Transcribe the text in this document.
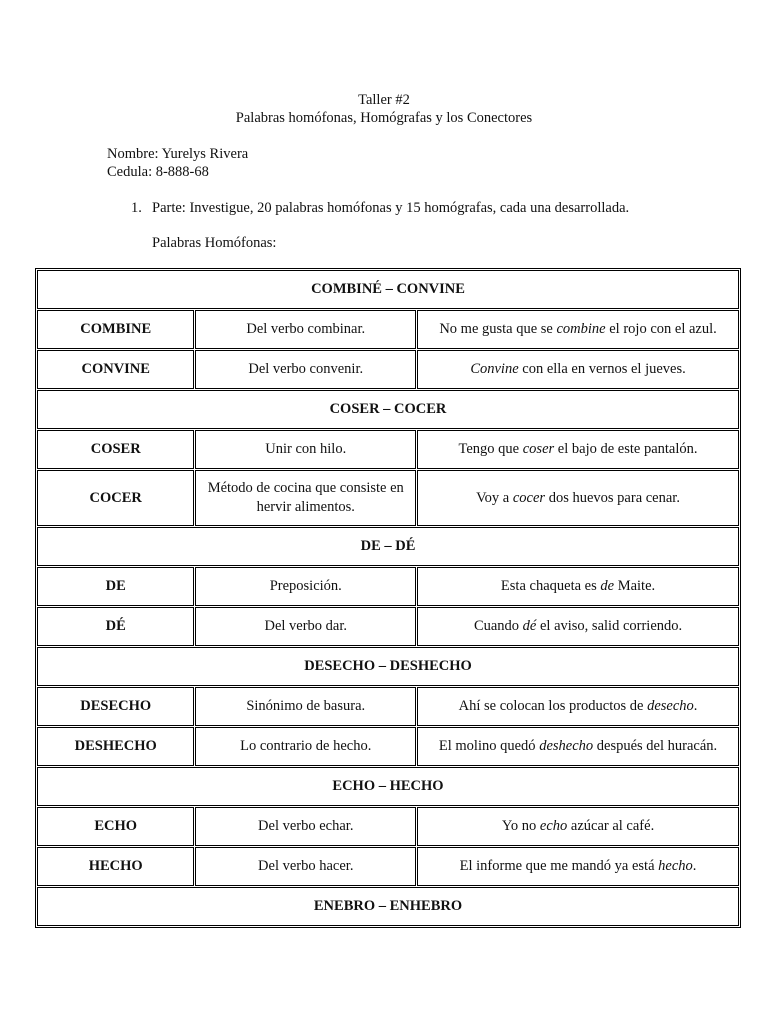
Taller #2
Palabras homófonas, Homógrafas y los Conectores
Nombre: Yurelys Rivera
Cedula: 8-888-68
1. Parte: Investigue, 20 palabras homófonas y 15 homógrafas, cada una desarrollada.
Palabras Homófonas:
COMBINÉ – CONVINE		
COMBINE	Del verbo combinar.	No me gusta que se combine el rojo con el azul.
CONVINE	Del verbo convenir.	Convine con ella en vernos el jueves.
COSER – COCER		
COSER	Unir con hilo.	Tengo que coser el bajo de este pantalón.
COCER	Método de cocina que consiste en hervir alimentos.	Voy a cocer dos huevos para cenar.
DE – DÉ		
DE	Preposición.	Esta chaqueta es de Maite.
DÉ	Del verbo dar.	Cuando dé el aviso, salid corriendo.
DESECHO – DESHECHO		
DESECHO	Sinónimo de basura.	Ahí se colocan los productos de desecho.
DESHECHO	Lo contrario de hecho.	El molino quedó deshecho después del huracán.
ECHO – HECHO		
ECHO	Del verbo echar.	Yo no echo azúcar al café.
HECHO	Del verbo hacer.	El informe que me mandó ya está hecho.
ENEBRO – ENHEBRO		
